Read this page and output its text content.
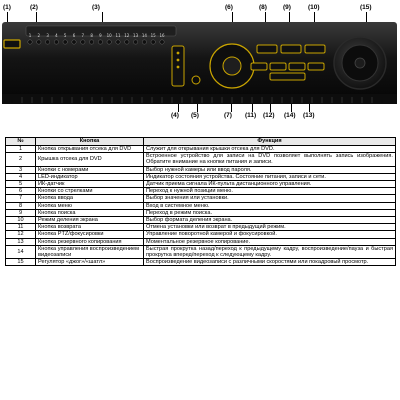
(1)	(2)	(3)	(6)	(8) (9)	(10)	(15)
(4) (5)	(7) (11) (12) (14) (13)
1 2 3 4 5 6 7 8 9 10 11 12 13 14 15 16
№	Кнопка	Функция
1	Кнопка открывания отсека для DVD	Служит для открывания крышки отсека для DVD.
2	Крышка отсека для DVD	Встроенное устройство для записи на DVD позволяет выполнять запись изображения. Обратите внимание на кнопки питания и записи.
3	Кнопки с номерами	Выбор нужной камеры или ввод пароля.
4	LED-индикатор	Индикатор состояния устройства. Состояние питания, записи и сети.
5	ИК-датчик	Датчик приема сигнала ИК-пульта дистанционного управления.
6	Кнопки со стрелками	Переход к нужной позиции меню.
7	Кнопка ввода	Выбор значения или установки.
8	Кнопка меню	Вход в системное меню.
9	Кнопка поиска	Переход в режим поиска.
10	Режим деления экрана	Выбор формата деления экрана.
11	Кнопка возврата	Отмена установки или возврат в предыдущий режим.
12	Кнопка PTZ/фокусировки	Управление поворотной камерой и фокусировкой.
13	Кнопка резервного копирования	Моментальное резервное копирование.
14	Кнопка управления воспроизведением видеозаписи	Быстрая прокрутка назад/переход к предыдущему кадру, воспроизведение/пауза и быстрая прокрутка вперед/переход к следующему кадру.
15	Регулятор «джог»/«шатл»	Воспроизведение видеозаписи с различными скоростями или покадровый просмотр.
